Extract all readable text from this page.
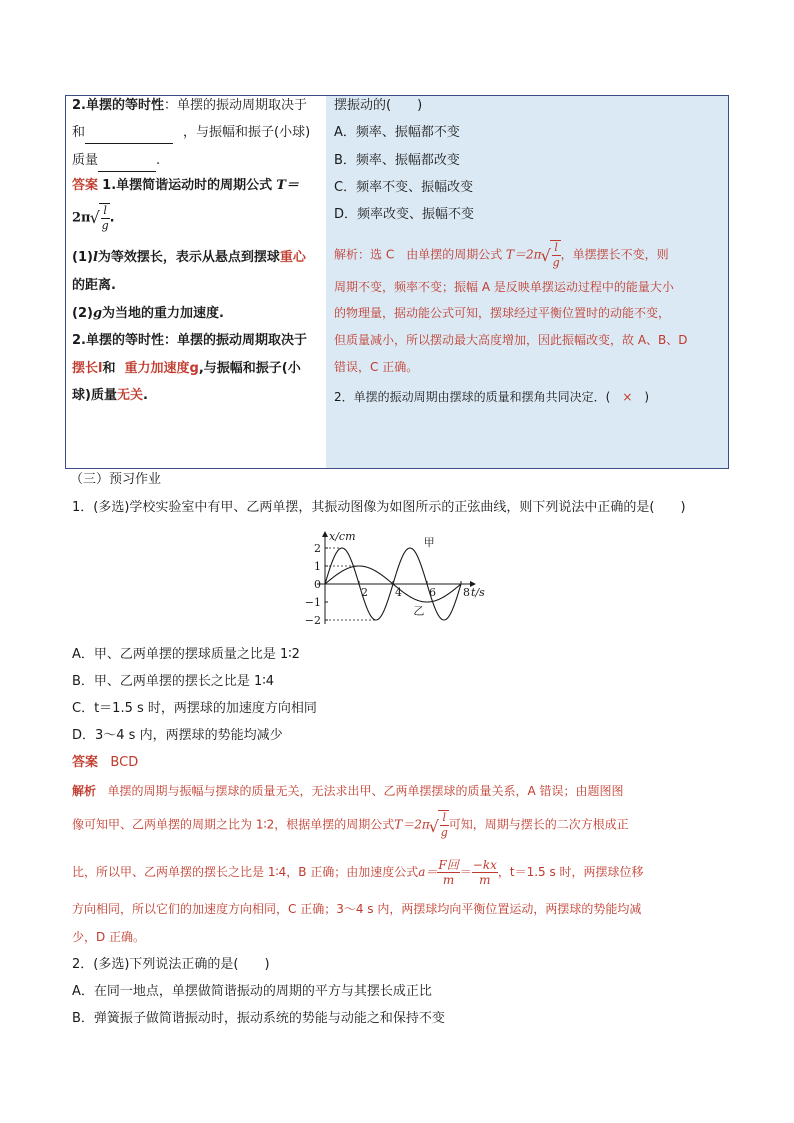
2.单摆的等时性：单摆的振动周期取决于
和	，与振幅和振子(小球)
质量	.
答案 1.单摆简谐运动时的周期公式 T＝
2π √ $\frac{l}{g}$ .
(1)l为等效摆长，表示从悬点到摆球重心
的距离.
(2)g为当地的重力加速度.
2.单摆的等时性：单摆的振动周期取决于
摆长l和 重力加速度g,与振幅和振子(小
球)质量无关.
摆振动的(　　)
A．频率、振幅都不变
B．频率、振幅都改变
C．频率不变、振幅改变
D．频率改变、振幅不变
解析：选 C　由单摆的周期公式 T＝2π √ $\frac{l}{g}$ ，单摆摆长不变，则
周期不变，频率不变；振幅 A 是反映单摆运动过程中的能量大小
的物理量，据动能公式可知，摆球经过平衡位置时的动能不变，
但质量减小，所以摆动最大高度增加，因此振幅改变，故 A、B、D
错误，C 正确。
2．单摆的振动周期由摆球的质量和摆角共同决定．( × )
（三）预习作业
1．(多选)学校实验室中有甲、乙两单摆，其振动图像为如图所示的正弦曲线，则下列说法中正确的是(　　)
2
1
0
−1
−2
2 4 6 8
x/cm
t/s
甲
乙
A．甲、乙两单摆的摆球质量之比是 1∶2
B．甲、乙两单摆的摆长之比是 1∶4
C．t＝1.5 s 时，两摆球的加速度方向相同
D．3～4 s 内，两摆球的势能均减少
答案 BCD
解析 单摆的周期与振幅与摆球的质量无关，无法求出甲、乙两单摆摆球的质量关系，A 错误；由题图图
像可知甲、乙两单摆的周期之比为 1∶2，根据单摆的周期公式T＝2π √ $\frac{l}{g}$ 可知，周期与摆长的二次方根成正
比，所以甲、乙两单摆的摆长之比是 1∶4，B 正确；由加速度公式$a= \frac{\text{F回}}{m} = \frac{-kx}{m}$ ，t＝1.5 s 时，两摆球位移
方向相同，所以它们的加速度方向相同，C 正确；3～4 s 内，两摆球均向平衡位置运动，两摆球的势能均减
少，D 正确。
2．(多选)下列说法正确的是(　　)
A．在同一地点，单摆做简谐振动的周期的平方与其摆长成正比
B．弹簧振子做简谐振动时，振动系统的势能与动能之和保持不变
